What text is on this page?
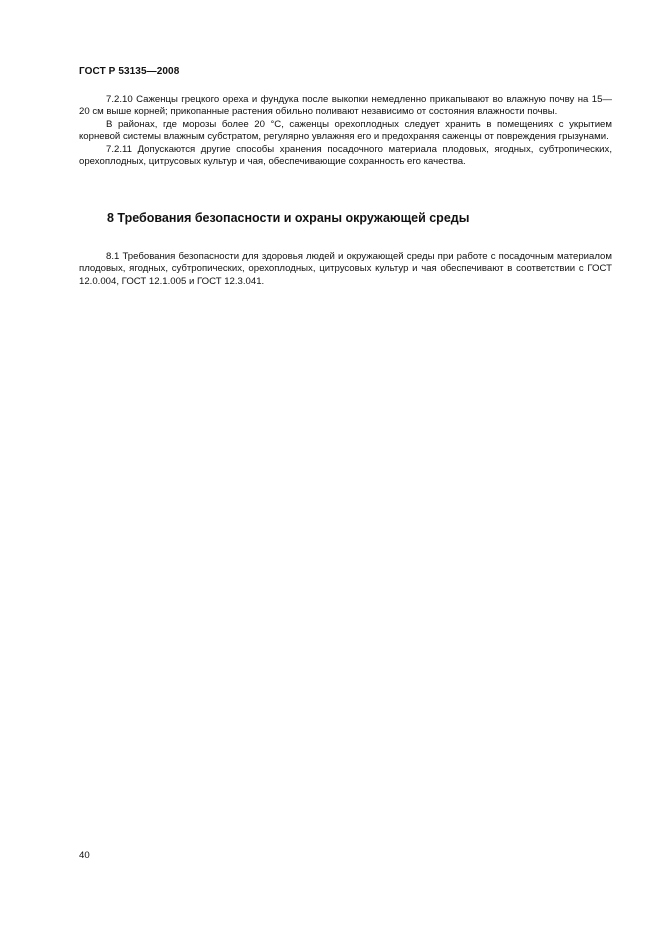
ГОСТ Р 53135—2008

7.2.10 Саженцы грецкого ореха и фундука после выкопки немедленно прикапывают во влажную почву на 15—20 см выше корней; прикопанные растения обильно поливают независимо от состояния влажности почвы.

В районах, где морозы более 20 °С, саженцы орехоплодных следует хранить в помещениях с укрытием корневой системы влажным субстратом, регулярно увлажняя его и предохраняя саженцы от повреждения грызунами.

7.2.11 Допускаются другие способы хранения посадочного материала плодовых, ягодных, субтропических, орехоплодных, цитрусовых культур и чая, обеспечивающие сохранность его качества.

8 Требования безопасности и охраны окружающей среды

8.1 Требования безопасности для здоровья людей и окружающей среды при работе с посадочным материалом плодовых, ягодных, субтропических, орехоплодных, цитрусовых культур и чая обеспечивают в соответствии с ГОСТ 12.0.004, ГОСТ 12.1.005 и ГОСТ 12.3.041.

40
